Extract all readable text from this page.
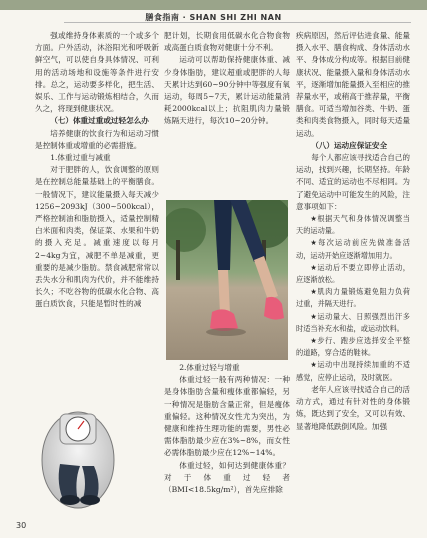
膳食指南 · SHAN SHI ZHI NAN

强或维持身体素质的一个或多个方面。户外活动，沐浴阳光和呼吸新鲜空气，可以使自身具体情况、可利用的活动场地和设施等条件进行安排。总之，运动要多样化，把生活、娱乐、工作与运动锻炼相结合，久而久之，将现到健康状况。

（七）体重过重或过轻怎么办

培养健康的饮食行为和运动习惯是控制体重或增重的必需措施。

1.体重过重与减重

对于肥胖的人，饮食调整的原则是在控制总能量基础上的平衡膳食。一般情况下，建议能量摄入每天减少1256~2093kJ（300~500kcal），严格控制油和脂肪摄入，适量控制精白米面和肉类，保证菜、水果和牛奶的摄入充足。减重速度以每月2~4kg为宜，减肥不单是减重，更重要的是减少脂肪。禁食减肥常常以丢失水分和肌肉为代价，并不能维持长久；不吃谷物的低碳水化合物、高蛋白质饮食，只能是暂时性的减

肥计划，长期食用低碳水化合物食物或高蛋白质食物对健康十分不利。

运动可以帮助保持健康体重、减少身体脂肪，建议超重或肥胖的人每天累计达到60~90分钟中等强度有氧运动，每周5~7天，累计运动能量消耗2000kcal以上；抗阻肌肉力量锻炼隔天进行，每次10~20分钟。

2.体重过轻与增重

体重过轻一般有两种情况：一种是身体脂肪含量和瘦体重都偏轻，另一种情况是脂肪含量正常，但是瘦体重偏轻。这种情况女性尤为突出，为健康和维持生理功能的需要，男性必需体脂肪最少应在3%~8%，而女性必需体脂肪最少应在12%~14%。

体重过轻，如何达到健康体重？对于体重过轻者（BMI<18.5kg/m²），首先应排除

疾病原因，然后评估进食量、能量摄入水平、膳食构成、身体活动水平、身体成分构成等。根据目前健康状况、能量摄入量和身体活动水平，逐渐增加能量摄入至相应的推荐量水平，或稍高于推荐量，平衡膳食。可适当增加谷类、牛奶、蛋类和肉类食物摄入，同时每天适量运动。

（八）运动应保证安全

每个人都应该寻找适合自己的运动，找到兴趣，长期坚持。年龄不同、适宜的运动也不尽相同。为了避免运动中可能发生的风险，注意事项如下：

★根据天气和身体情况调整当天的运动量。

★每次运动前应先做准备活动，运动开始应逐渐增加用力。

★运动后不要立即停止活动，应逐渐放松。

★肌肉力量锻炼避免阻力负荷过重，并隔天进行。

★运动量大、日照强烈出汗多时适当补充水和盐，或运动饮料。

★步行、跑步应选择安全平整的道路，穿合适的鞋袜。

★运动中出现持续加重的不适感觉，应停止运动，及时就医。

老年人应该寻找适合自己的活动方式，通过有针对性的身体锻炼，既达到了安全，又可以有效、显著地降低跌倒风险。加强

30
